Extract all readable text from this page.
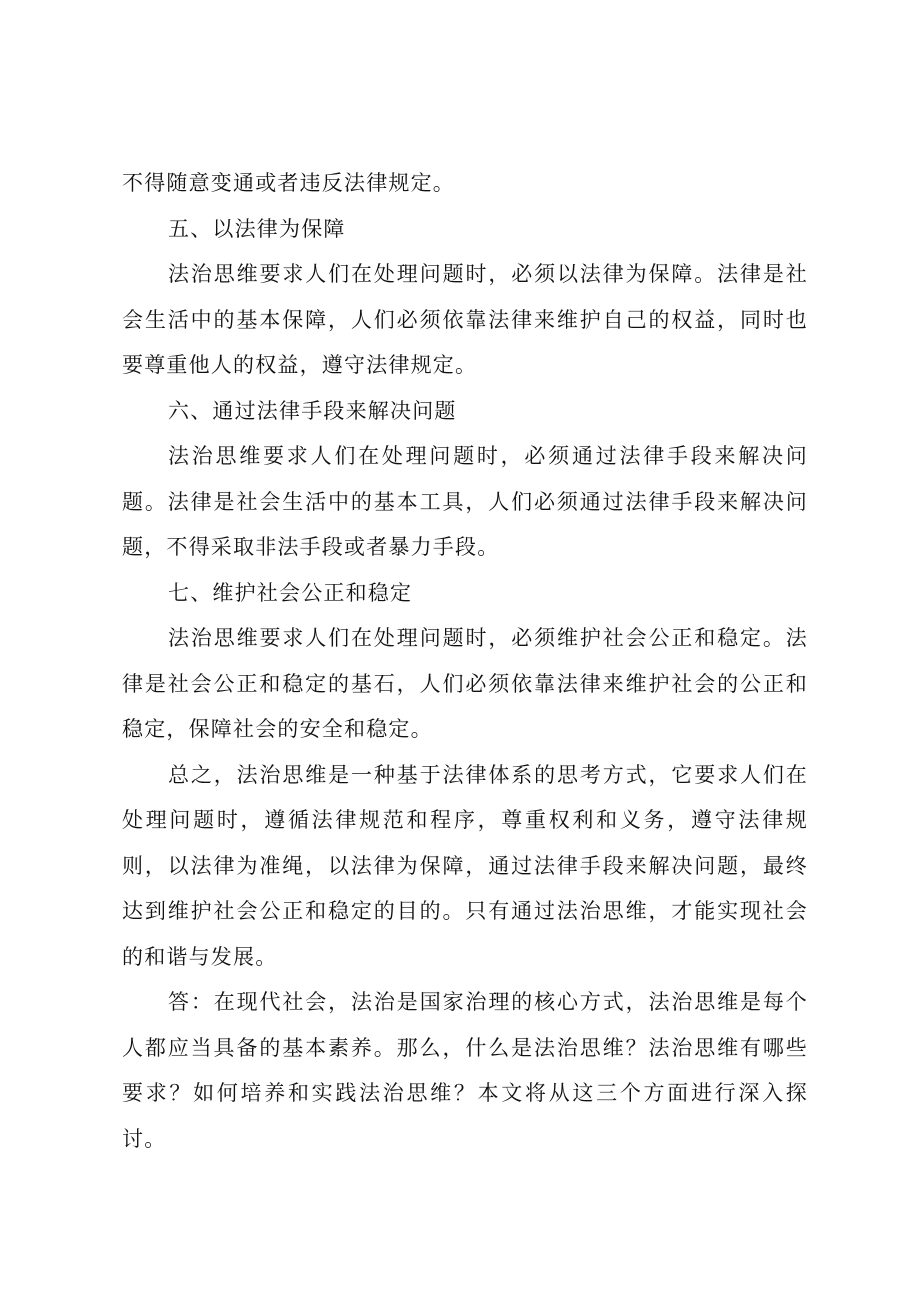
不得随意变通或者违反法律规定。

五、以法律为保障

法治思维要求人们在处理问题时，必须以法律为保障。法律是社会生活中的基本保障，人们必须依靠法律来维护自己的权益，同时也要尊重他人的权益，遵守法律规定。

六、通过法律手段来解决问题

法治思维要求人们在处理问题时，必须通过法律手段来解决问题。法律是社会生活中的基本工具，人们必须通过法律手段来解决问题，不得采取非法手段或者暴力手段。

七、维护社会公正和稳定

法治思维要求人们在处理问题时，必须维护社会公正和稳定。法律是社会公正和稳定的基石，人们必须依靠法律来维护社会的公正和稳定，保障社会的安全和稳定。

总之，法治思维是一种基于法律体系的思考方式，它要求人们在处理问题时，遵循法律规范和程序，尊重权利和义务，遵守法律规则，以法律为准绳，以法律为保障，通过法律手段来解决问题，最终达到维护社会公正和稳定的目的。只有通过法治思维，才能实现社会的和谐与发展。

答：在现代社会，法治是国家治理的核心方式，法治思维是每个人都应当具备的基本素养。那么，什么是法治思维？法治思维有哪些要求？如何培养和实践法治思维？本文将从这三个方面进行深入探讨。
